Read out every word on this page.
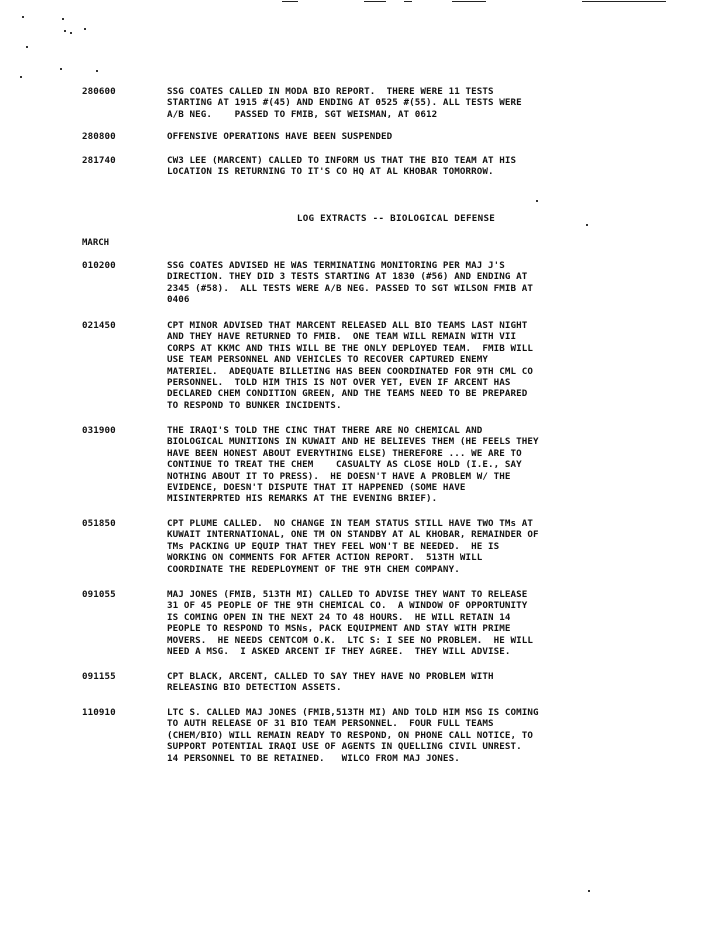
280600	SSG COATES CALLED IN MODA BIO REPORT.  THERE WERE 11 TESTS
STARTING AT 1915 #(45) AND ENDING AT 0525 #(55). ALL TESTS WERE
A/B NEG.    PASSED TO FMIB, SGT WEISMAN, AT 0612
280800	OFFENSIVE OPERATIONS HAVE BEEN SUSPENDED
281740	CW3 LEE (MARCENT) CALLED TO INFORM US THAT THE BIO TEAM AT HIS
LOCATION IS RETURNING TO IT'S CO HQ AT AL KHOBAR TOMORROW.
LOG EXTRACTS -- BIOLOGICAL DEFENSE
MARCH
010200	SSG COATES ADVISED HE WAS TERMINATING MONITORING PER MAJ J'S
DIRECTION. THEY DID 3 TESTS STARTING AT 1830 (#56) AND ENDING AT
2345 (#58).  ALL TESTS WERE A/B NEG. PASSED TO SGT WILSON FMIB AT
0406
021450	CPT MINOR ADVISED THAT MARCENT RELEASED ALL BIO TEAMS LAST NIGHT
AND THEY HAVE RETURNED TO FMIB.  ONE TEAM WILL REMAIN WITH VII
CORPS AT KKMC AND THIS WILL BE THE ONLY DEPLOYED TEAM.  FMIB WILL
USE TEAM PERSONNEL AND VEHICLES TO RECOVER CAPTURED ENEMY
MATERIEL.  ADEQUATE BILLETING HAS BEEN COORDINATED FOR 9TH CML CO
PERSONNEL.  TOLD HIM THIS IS NOT OVER YET, EVEN IF ARCENT HAS
DECLARED CHEM CONDITION GREEN, AND THE TEAMS NEED TO BE PREPARED
TO RESPOND TO BUNKER INCIDENTS.
031900	THE IRAQI'S TOLD THE CINC THAT THERE ARE NO CHEMICAL AND
BIOLOGICAL MUNITIONS IN KUWAIT AND HE BELIEVES THEM (HE FEELS THEY
HAVE BEEN HONEST ABOUT EVERYTHING ELSE) THEREFORE ... WE ARE TO
CONTINUE TO TREAT THE CHEM    CASUALTY AS CLOSE HOLD (I.E., SAY
NOTHING ABOUT IT TO PRESS).  HE DOESN'T HAVE A PROBLEM W/ THE
EVIDENCE, DOESN'T DISPUTE THAT IT HAPPENED (SOME HAVE
MISINTERPRTED HIS REMARKS AT THE EVENING BRIEF).
051850	CPT PLUME CALLED.  NO CHANGE IN TEAM STATUS STILL HAVE TWO TMs AT
KUWAIT INTERNATIONAL, ONE TM ON STANDBY AT AL KHOBAR, REMAINDER OF
TMs PACKING UP EQUIP THAT THEY FEEL WON'T BE NEEDED.  HE IS
WORKING ON COMMENTS FOR AFTER ACTION REPORT.  513TH WILL
COORDINATE THE REDEPLOYMENT OF THE 9TH CHEM COMPANY.
091055	MAJ JONES (FMIB, 513TH MI) CALLED TO ADVISE THEY WANT TO RELEASE
31 OF 45 PEOPLE OF THE 9TH CHEMICAL CO.  A WINDOW OF OPPORTUNITY
IS COMING OPEN IN THE NEXT 24 TO 48 HOURS.  HE WILL RETAIN 14
PEOPLE TO RESPOND TO MSNs, PACK EQUIPMENT AND STAY WITH PRIME
MOVERS.  HE NEEDS CENTCOM O.K.  LTC S: I SEE NO PROBLEM.  HE WILL
NEED A MSG.  I ASKED ARCENT IF THEY AGREE.  THEY WILL ADVISE.
091155	CPT BLACK, ARCENT, CALLED TO SAY THEY HAVE NO PROBLEM WITH
RELEASING BIO DETECTION ASSETS.
110910	LTC S. CALLED MAJ JONES (FMIB,513TH MI) AND TOLD HIM MSG IS COMING
TO AUTH RELEASE OF 31 BIO TEAM PERSONNEL.  FOUR FULL TEAMS
(CHEM/BIO) WILL REMAIN READY TO RESPOND, ON PHONE CALL NOTICE, TO
SUPPORT POTENTIAL IRAQI USE OF AGENTS IN QUELLING CIVIL UNREST.
14 PERSONNEL TO BE RETAINED.   WILCO FROM MAJ JONES.
